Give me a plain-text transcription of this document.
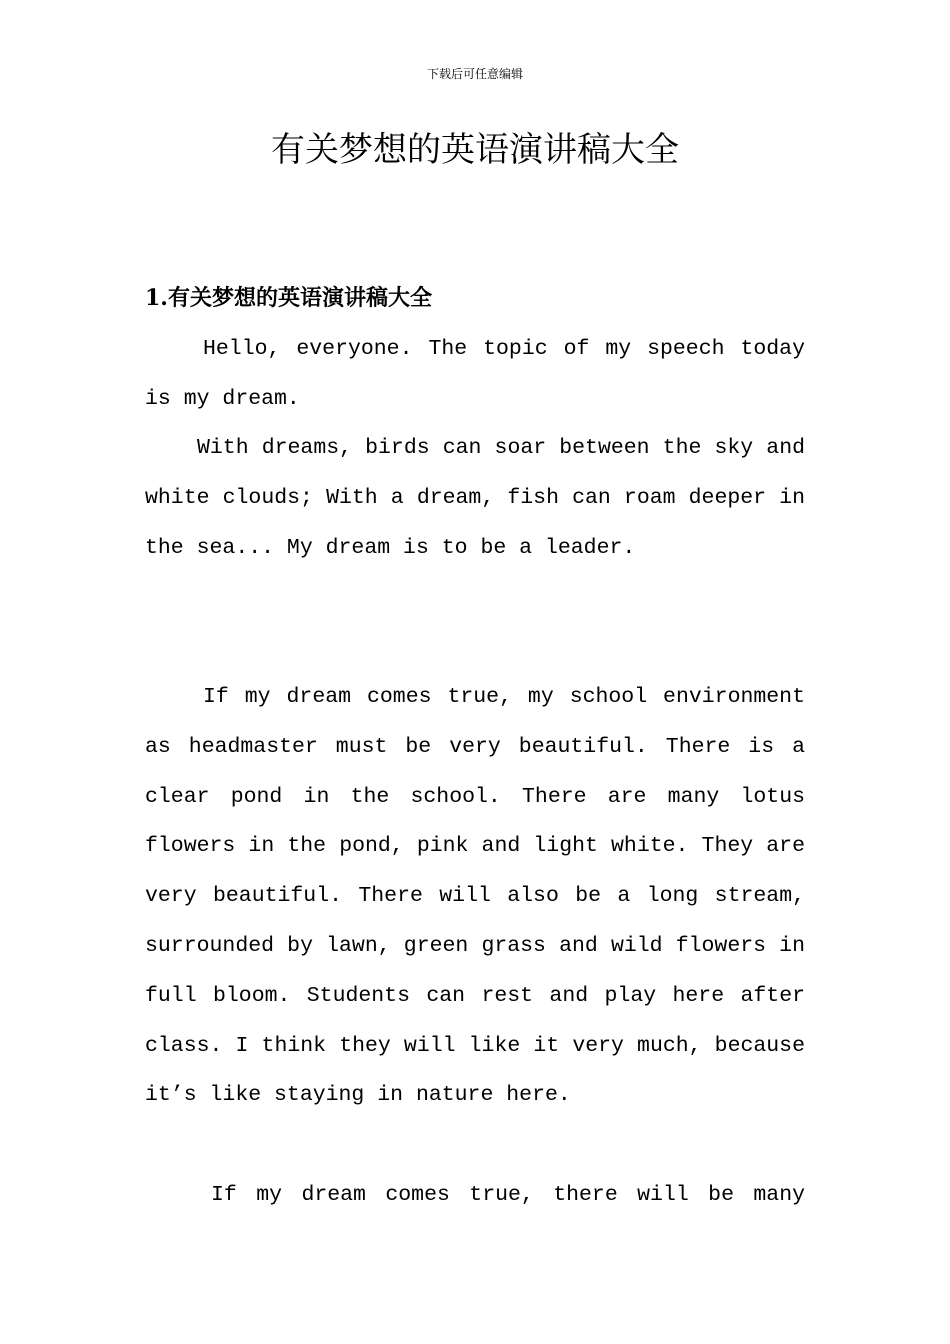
下载后可任意编辑
有关梦想的英语演讲稿大全
1.有关梦想的英语演讲稿大全

Hello, everyone. The topic of my speech today is my dream.

With dreams, birds can soar between the sky and white clouds; With a dream, fish can roam deeper in the sea... My dream is to be a leader.

If my dream comes true, my school environment as headmaster must be very beautiful. There is a clear pond in the school. There are many lotus flowers in the pond, pink and light white. They are very beautiful. There will also be a long stream, surrounded by lawn, green grass and wild flowers in full bloom. Students can rest and play here after class. I think they will like it very much, because it’s like staying in nature here.

If my dream comes true, there will be many
